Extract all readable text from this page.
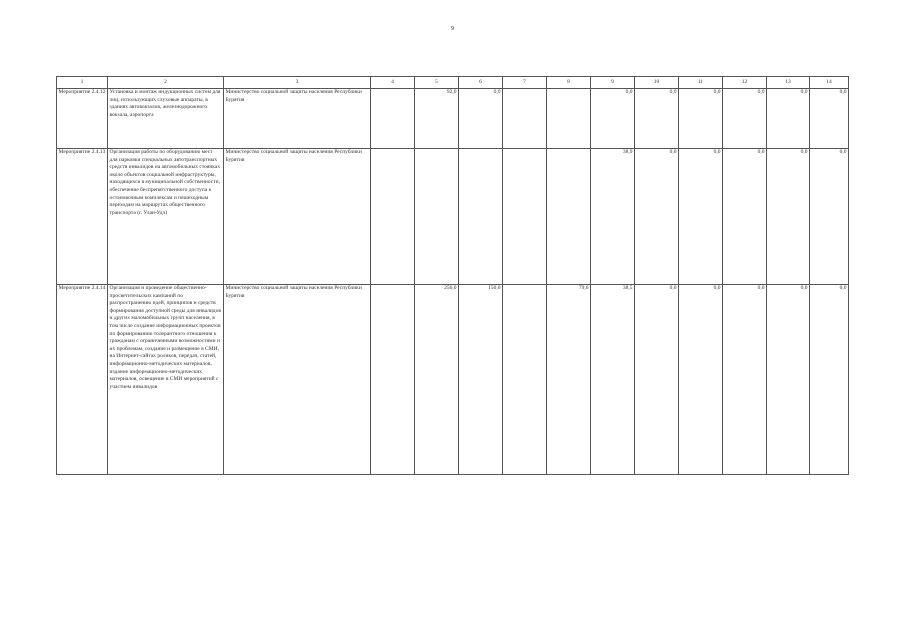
9
1	2	3	4	5	6	7	8	9	10	11	12	13	14
Мероприятие 2.4.12	Установка и монтаж индукционных систем для лиц, использующих слуховые аппараты, в зданиях автовокзалов, железнодорожного вокзала, аэропорта	Министерство социальной защиты населения Республики Бурятия		92,0	0,0			0,0	0,0	0,0	0,0	0,0	0,0
Мероприятие 2.4.13	Организация работы по оборудованию мест для парковки специальных автотранспортных средств инвалидов на автомобильных стоянках около объектов социальной инфраструктуры, находящихся в муниципальной собственности, обеспечение беспрепятственного доступа к остановочным комплексам и пешеходным переходам на маршрутах общественного транспорта (г. Улан-Удэ)	Министерство социальной защиты населения Республики Бурятия						38,9	0,0	0,0	0,0	0,0	0,0
Мероприятие 2.4.14	Организация и проведение общественно-просветительских кампаний по распространению идей, принципов и средств формирования доступной среды для инвалидов и других маломобильных групп населения, в том числе создание информационных проектов по формированию толерантного отношения к гражданам с ограниченными возможностями и их проблемам, создание и размещение в СМИ, на Интернет-сайтах роликов, передач, статей, информационно-методических материалов, издание информационно-методических материалов, освещение в СМИ мероприятий с участием инвалидов	Министерство социальной защиты населения Республики Бурятия		256,0	150,0		79,6	38,5	0,0	0,0	0,0	0,0	0,0
